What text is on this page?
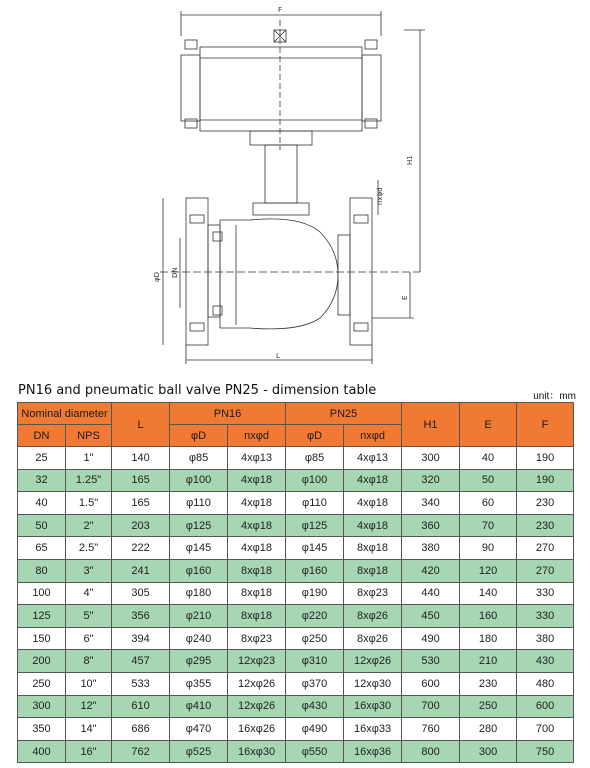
F
H1
nxφd
φD DN
E
L
PN16 and pneumatic ball valve PN25 - dimension table	unit：mm
Nominal diameter		L	PN16		PN25		H1	E	F
DN	NPS		φD	nxφd	φD	nxφd			
25	1"	140	φ85	4xφ13	φ85	4xφ13	300	40	190
32	1.25"	165	φ100	4xφ18	φ100	4xφ18	320	50	190
40	1.5"	165	φ110	4xφ18	φ110	4xφ18	340	60	230
50	2"	203	φ125	4xφ18	φ125	4xφ18	360	70	230
65	2.5"	222	φ145	4xφ18	φ145	8xφ18	380	90	270
80	3"	241	φ160	8xφ18	φ160	8xφ18	420	120	270
100	4"	305	φ180	8xφ18	φ190	8xφ23	440	140	330
125	5"	356	φ210	8xφ18	φ220	8xφ26	450	160	330
150	6"	394	φ240	8xφ23	φ250	8xφ26	490	180	380
200	8"	457	φ295	12xφ23	φ310	12xφ26	530	210	430
250	10"	533	φ355	12xφ26	φ370	12xφ30	600	230	480
300	12"	610	φ410	12xφ26	φ430	16xφ30	700	250	600
350	14"	686	φ470	16xφ26	φ490	16xφ33	760	280	700
400	16"	762	φ525	16xφ30	φ550	16xφ36	800	300	750
